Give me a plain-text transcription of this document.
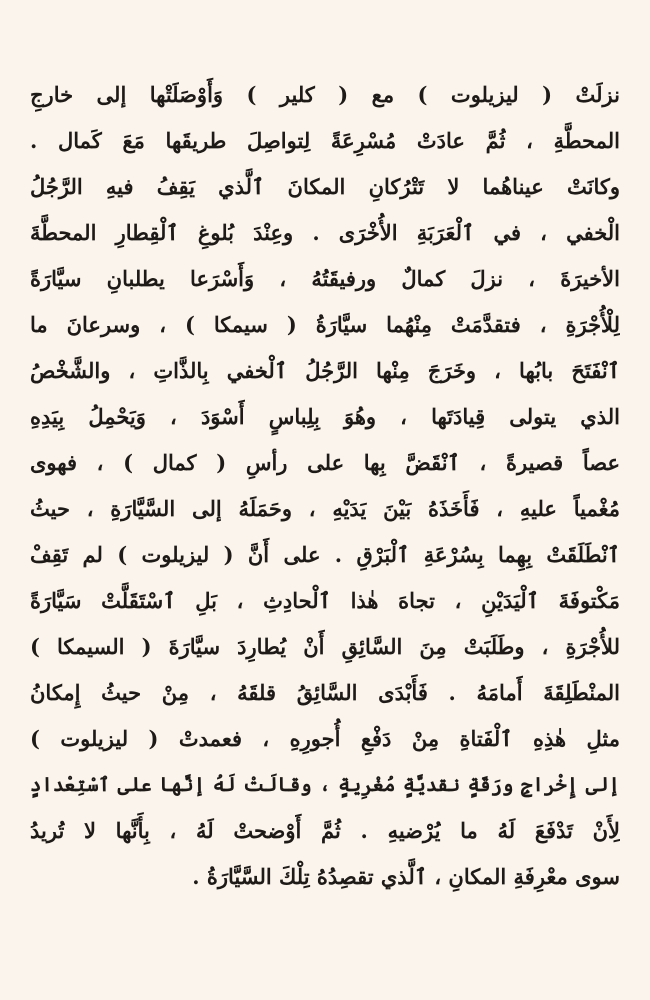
نزلَتْ ( ليزيلوت ) مع ( كلير ) وَأَوْصَلَتْها إلى خارجِ
المحطَّةِ ، ثُمَّ عادَتْ مُسْرِعَةً لِتواصِلَ طريقَها مَعَ كَمال .
وكانَتْ عيناهُما لا تَتْرُكانِ المكانَ ٱلَّذي يَقِفُ فيهِ الرَّجُلُ
الْخفي ، في ٱلْعَرَبَةِ الأُخْرَى . وعِنْدَ بُلوغِ ٱلْقِطارِ المحطَّةَ
الأخيرَةَ ، نزلَ كمالٌ ورفيقَتُهُ ، وَأَسْرَعا يطلبانِ سيَّارَةً
لِلْأُجْرَةِ ، فتقدَّمَتْ مِنْهُما سيَّارَةُ ( سيمكا ) ، وسرعانَ ما
ٱنْفَتَحَ بابُها ، وخَرَجَ مِنْها الرَّجُلُ ٱلْخفي بِالذَّاتِ ، والشَّخْصُ
الذي يتولى قِيادَتَها ، وهُوَ بِلِباسٍ أَسْوَدَ ، وَيَحْمِلُ بِيَدِهِ
عصاً قصيرةً ، ٱنْقَضَّ بِها على رأسِ ( كمال ) ، فهوى
مُغْمياً عليهِ ، فَأَخَذَهُ بَيْنَ يَدَيْهِ ، وحَمَلَهُ إلى السَّيَّارَةِ ، حيثُ
ٱنْطَلَقَتْ بِهِما بِسُرْعَةِ ٱلْبَرْقِ . على أَنَّ ( ليزيلوت ) لم تَقِفْ
مَكْتوفَةَ ٱلْيَدَيْنِ ، تجاهَ هٰذا ٱلْحادِثِ ، بَلِ ٱسْتَقَلَّتْ سَيَّارَةً
للأُجْرَةِ ، وطَلَبَتْ مِنَ السَّائِقِ أَنْ يُطارِدَ سيَّارَةَ ( السيمكا )
المنْطَلِقَةَ أَمامَهُ . فَأَبْدَى السَّائِقُ قلقَهُ ، مِنْ حيثُ إِمكانُ
مثلِ هٰذِهِ ٱلْفَتاةِ مِنْ دَفْعِ أُجورِهِ ، فعمدتْ ( ليزيلوت )
إلى إِخْراجِ ورَقَةٍ نقديَّةٍ مُغْرِيةٍ ، وقالَتْ لَهُ إنَّها على ٱسْتِعْدادٍ
لِأَنْ تَدْفَعَ لَهُ ما يُرْضيهِ . ثُمَّ أَوْضحتْ لَهُ ، بِأَنَّها لا تُريدُ
سوى معْرِفَةِ المكانِ ، ٱلَّذي تقصِدُهُ تِلْكَ السَّيَّارَةُ .
